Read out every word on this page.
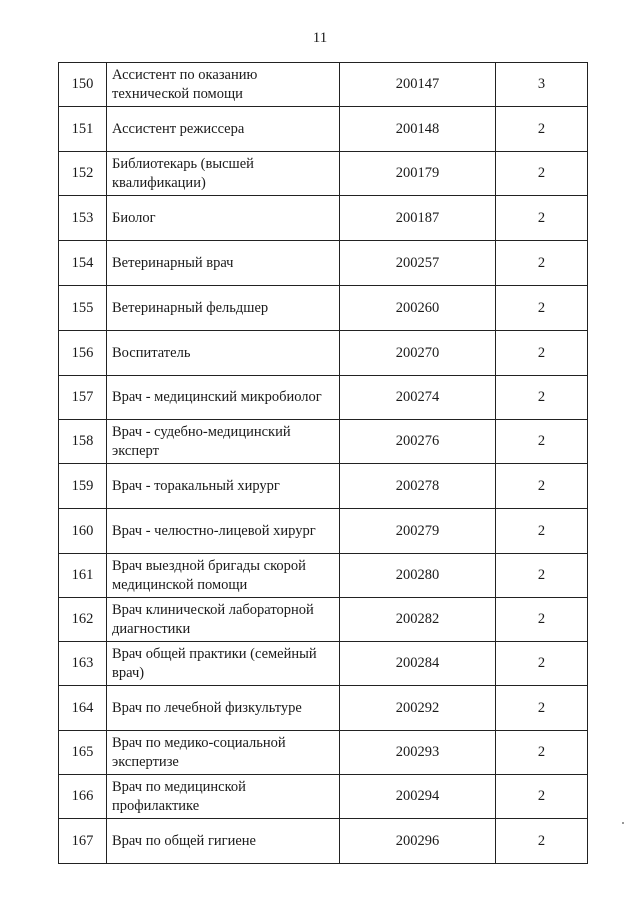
11
150	Ассистент по оказанию технической помощи	200147	3
151	Ассистент режиссера	200148	2
152	Библиотекарь (высшей квалификации)	200179	2
153	Биолог	200187	2
154	Ветеринарный врач	200257	2
155	Ветеринарный фельдшер	200260	2
156	Воспитатель	200270	2
157	Врач - медицинский микробиолог	200274	2
158	Врач - судебно-медицинский эксперт	200276	2
159	Врач - торакальный хирург	200278	2
160	Врач - челюстно-лицевой хирург	200279	2
161	Врач выездной бригады скорой медицинской помощи	200280	2
162	Врач клинической лабораторной диагностики	200282	2
163	Врач общей практики (семейный врач)	200284	2
164	Врач по лечебной физкультуре	200292	2
165	Врач по медико-социальной экспертизе	200293	2
166	Врач по медицинской профилактике	200294	2
167	Врач по общей гигиене	200296	2
